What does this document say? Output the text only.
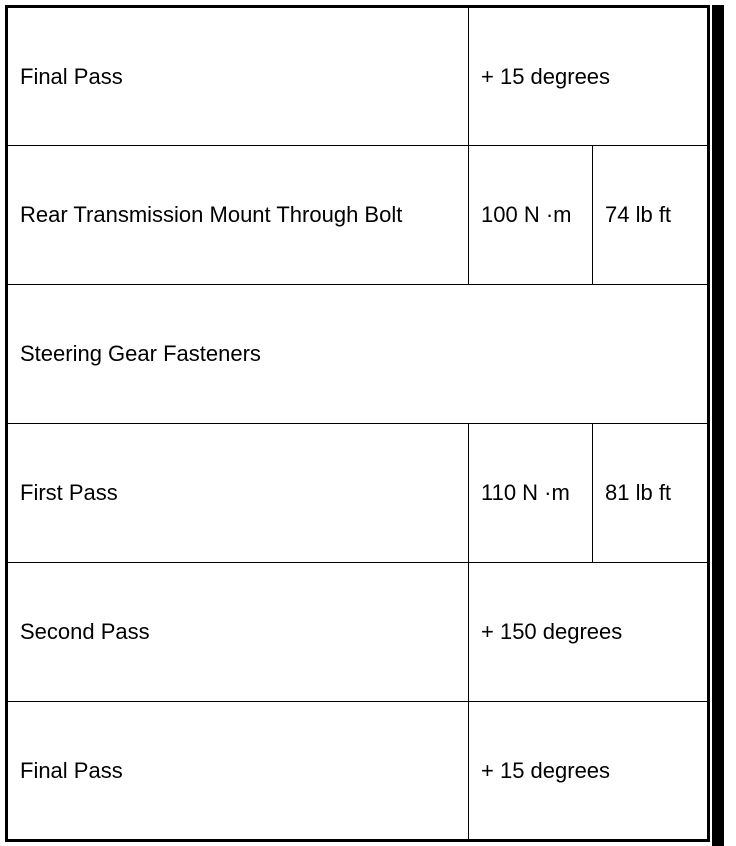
Final Pass	+ 15 degrees	
Rear Transmission Mount Through Bolt	100 N ·m	74 lb ft
Steering Gear Fasteners		
First Pass	110 N ·m	81 lb ft
Second Pass	+ 150 degrees	
Final Pass	+ 15 degrees	
